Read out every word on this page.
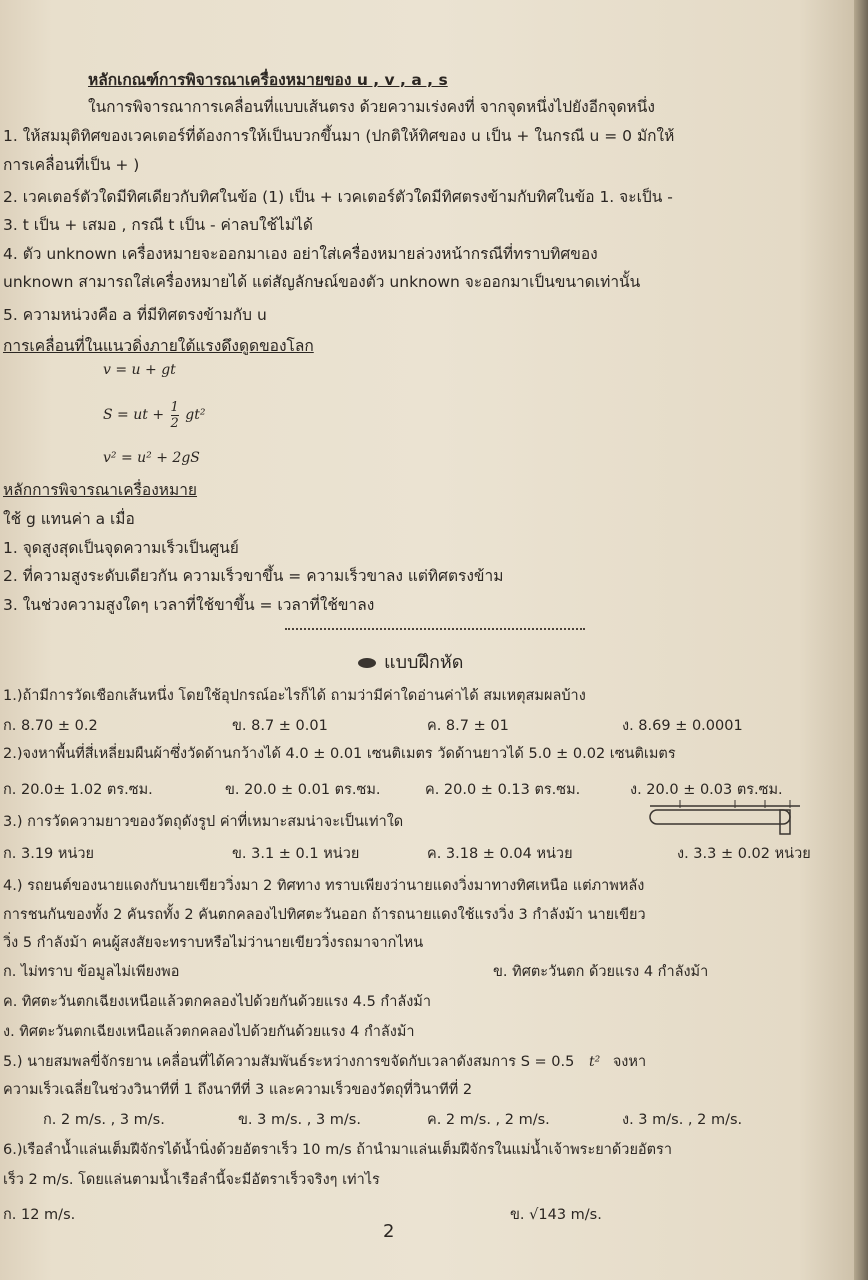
หลักเกณฑ์การพิจารณาเครื่องหมายของ u , v , a , s
ในการพิจารณาการเคลื่อนที่แบบเส้นตรง ด้วยความเร่งคงที่ จากจุดหนึ่งไปยังอีกจุดหนึ่ง
1. ให้สมมุติทิศของเวคเตอร์ที่ต้องการให้เป็นบวกขึ้นมา (ปกติให้ทิศของ u เป็น + ในกรณี u = 0 มักให้
การเคลื่อนที่เป็น + )
2. เวคเตอร์ตัวใดมีทิศเดียวกับทิศในข้อ (1) เป็น + เวคเตอร์ตัวใดมีทิศตรงข้ามกับทิศในข้อ 1. จะเป็น -
3. t เป็น + เสมอ , กรณี t เป็น - ค่าลบใช้ไม่ได้
4. ตัว unknown เครื่องหมายจะออกมาเอง อย่าใส่เครื่องหมายล่วงหน้ากรณีที่ทราบทิศของ
unknown สามารถใส่เครื่องหมายได้ แต่สัญลักษณ์ของตัว unknown จะออกมาเป็นขนาดเท่านั้น
5. ความหน่วงคือ a ที่มีทิศตรงข้ามกับ u
การเคลื่อนที่ในแนวดิ่งภายใต้แรงดึงดูดของโลก
v = u + gt
S = ut + $\frac{1}{2} gt^2$
v² = u² + 2gS
หลักการพิจารณาเครื่องหมาย
ใช้ g แทนค่า a เมื่อ
1. จุดสูงสุดเป็นจุดความเร็วเป็นศูนย์
2. ที่ความสูงระดับเดียวกัน ความเร็วขาขึ้น = ความเร็วขาลง แต่ทิศตรงข้าม
3. ในช่วงความสูงใดๆ เวลาที่ใช้ขาขึ้น = เวลาที่ใช้ขาลง
แบบฝึกหัด
1.)ถ้ามีการวัดเชือกเส้นหนึ่ง โดยใช้อุปกรณ์อะไรก็ได้ ถามว่ามีค่าใดอ่านค่าได้ สมเหตุสมผลบ้าง
ก. 8.70 ± 0.2	ข. 8.7 ± 0.01	ค. 8.7 ± 01	ง. 8.69 ± 0.0001
2.)จงหาพื้นที่สี่เหลี่ยมผืนผ้าซึ่งวัดด้านกว้างได้ 4.0 ± 0.01 เซนติเมตร วัดด้านยาวได้ 5.0 ± 0.02 เซนติเมตร
ก. 20.0± 1.02 ตร.ซม.	ข. 20.0 ± 0.01 ตร.ซม.	ค. 20.0 ± 0.13 ตร.ซม.	ง. 20.0 ± 0.03 ตร.ซม.
3.) การวัดความยาวของวัตถุดังรูป ค่าที่เหมาะสมน่าจะเป็นเท่าใด
ก. 3.19 หน่วย	ข. 3.1 ± 0.1 หน่วย	ค. 3.18 ± 0.04 หน่วย	ง. 3.3 ± 0.02 หน่วย
4.) รถยนต์ของนายแดงกับนายเขียววิ่งมา 2 ทิศทาง ทราบเพียงว่านายแดงวิ่งมาทางทิศเหนือ แต่ภาพหลัง
การชนกันของทั้ง 2 คันรถทั้ง 2 คันตกคลองไปทิศตะวันออก ถ้ารถนายแดงใช้แรงวิ่ง 3 กำลังม้า นายเขียว
วิ่ง 5 กำลังม้า คนผู้สงสัยจะทราบหรือไม่ว่านายเขียววิ่งรถมาจากไหน
ก. ไม่ทราบ ข้อมูลไม่เพียงพอ	ข. ทิศตะวันตก ด้วยแรง 4 กำลังม้า
ค. ทิศตะวันตกเฉียงเหนือแล้วตกคลองไปด้วยกันด้วยแรง 4.5 กำลังม้า
ง. ทิศตะวันตกเฉียงเหนือแล้วตกคลองไปด้วยกันด้วยแรง 4 กำลังม้า
5.) นายสมพลขี่จักรยาน เคลื่อนที่ได้ความสัมพันธ์ระหว่างการขจัดกับเวลาดังสมการ S = 0.5 t² จงหา
ความเร็วเฉลี่ยในช่วงวินาทีที่ 1 ถึงนาทีที่ 3 และความเร็วของวัตถุที่วินาทีที่ 2
ก. 2 m/s. , 3 m/s.	ข. 3 m/s. , 3 m/s.	ค. 2 m/s. , 2 m/s.	ง. 3 m/s. , 2 m/s.
6.)เรือลำน้ำแล่นเต็มฝีจักรได้น้ำนิ่งด้วยอัตราเร็ว 10 m/s ถ้านำมาแล่นเต็มฝีจักรในแม่น้ำเจ้าพระยาด้วยอัตรา
เร็ว 2 m/s. โดยแล่นตามน้ำเรือลำนี้จะมีอัตราเร็วจริงๆ เท่าไร
ก. 12 m/s.	ข. √143 m/s.
2
